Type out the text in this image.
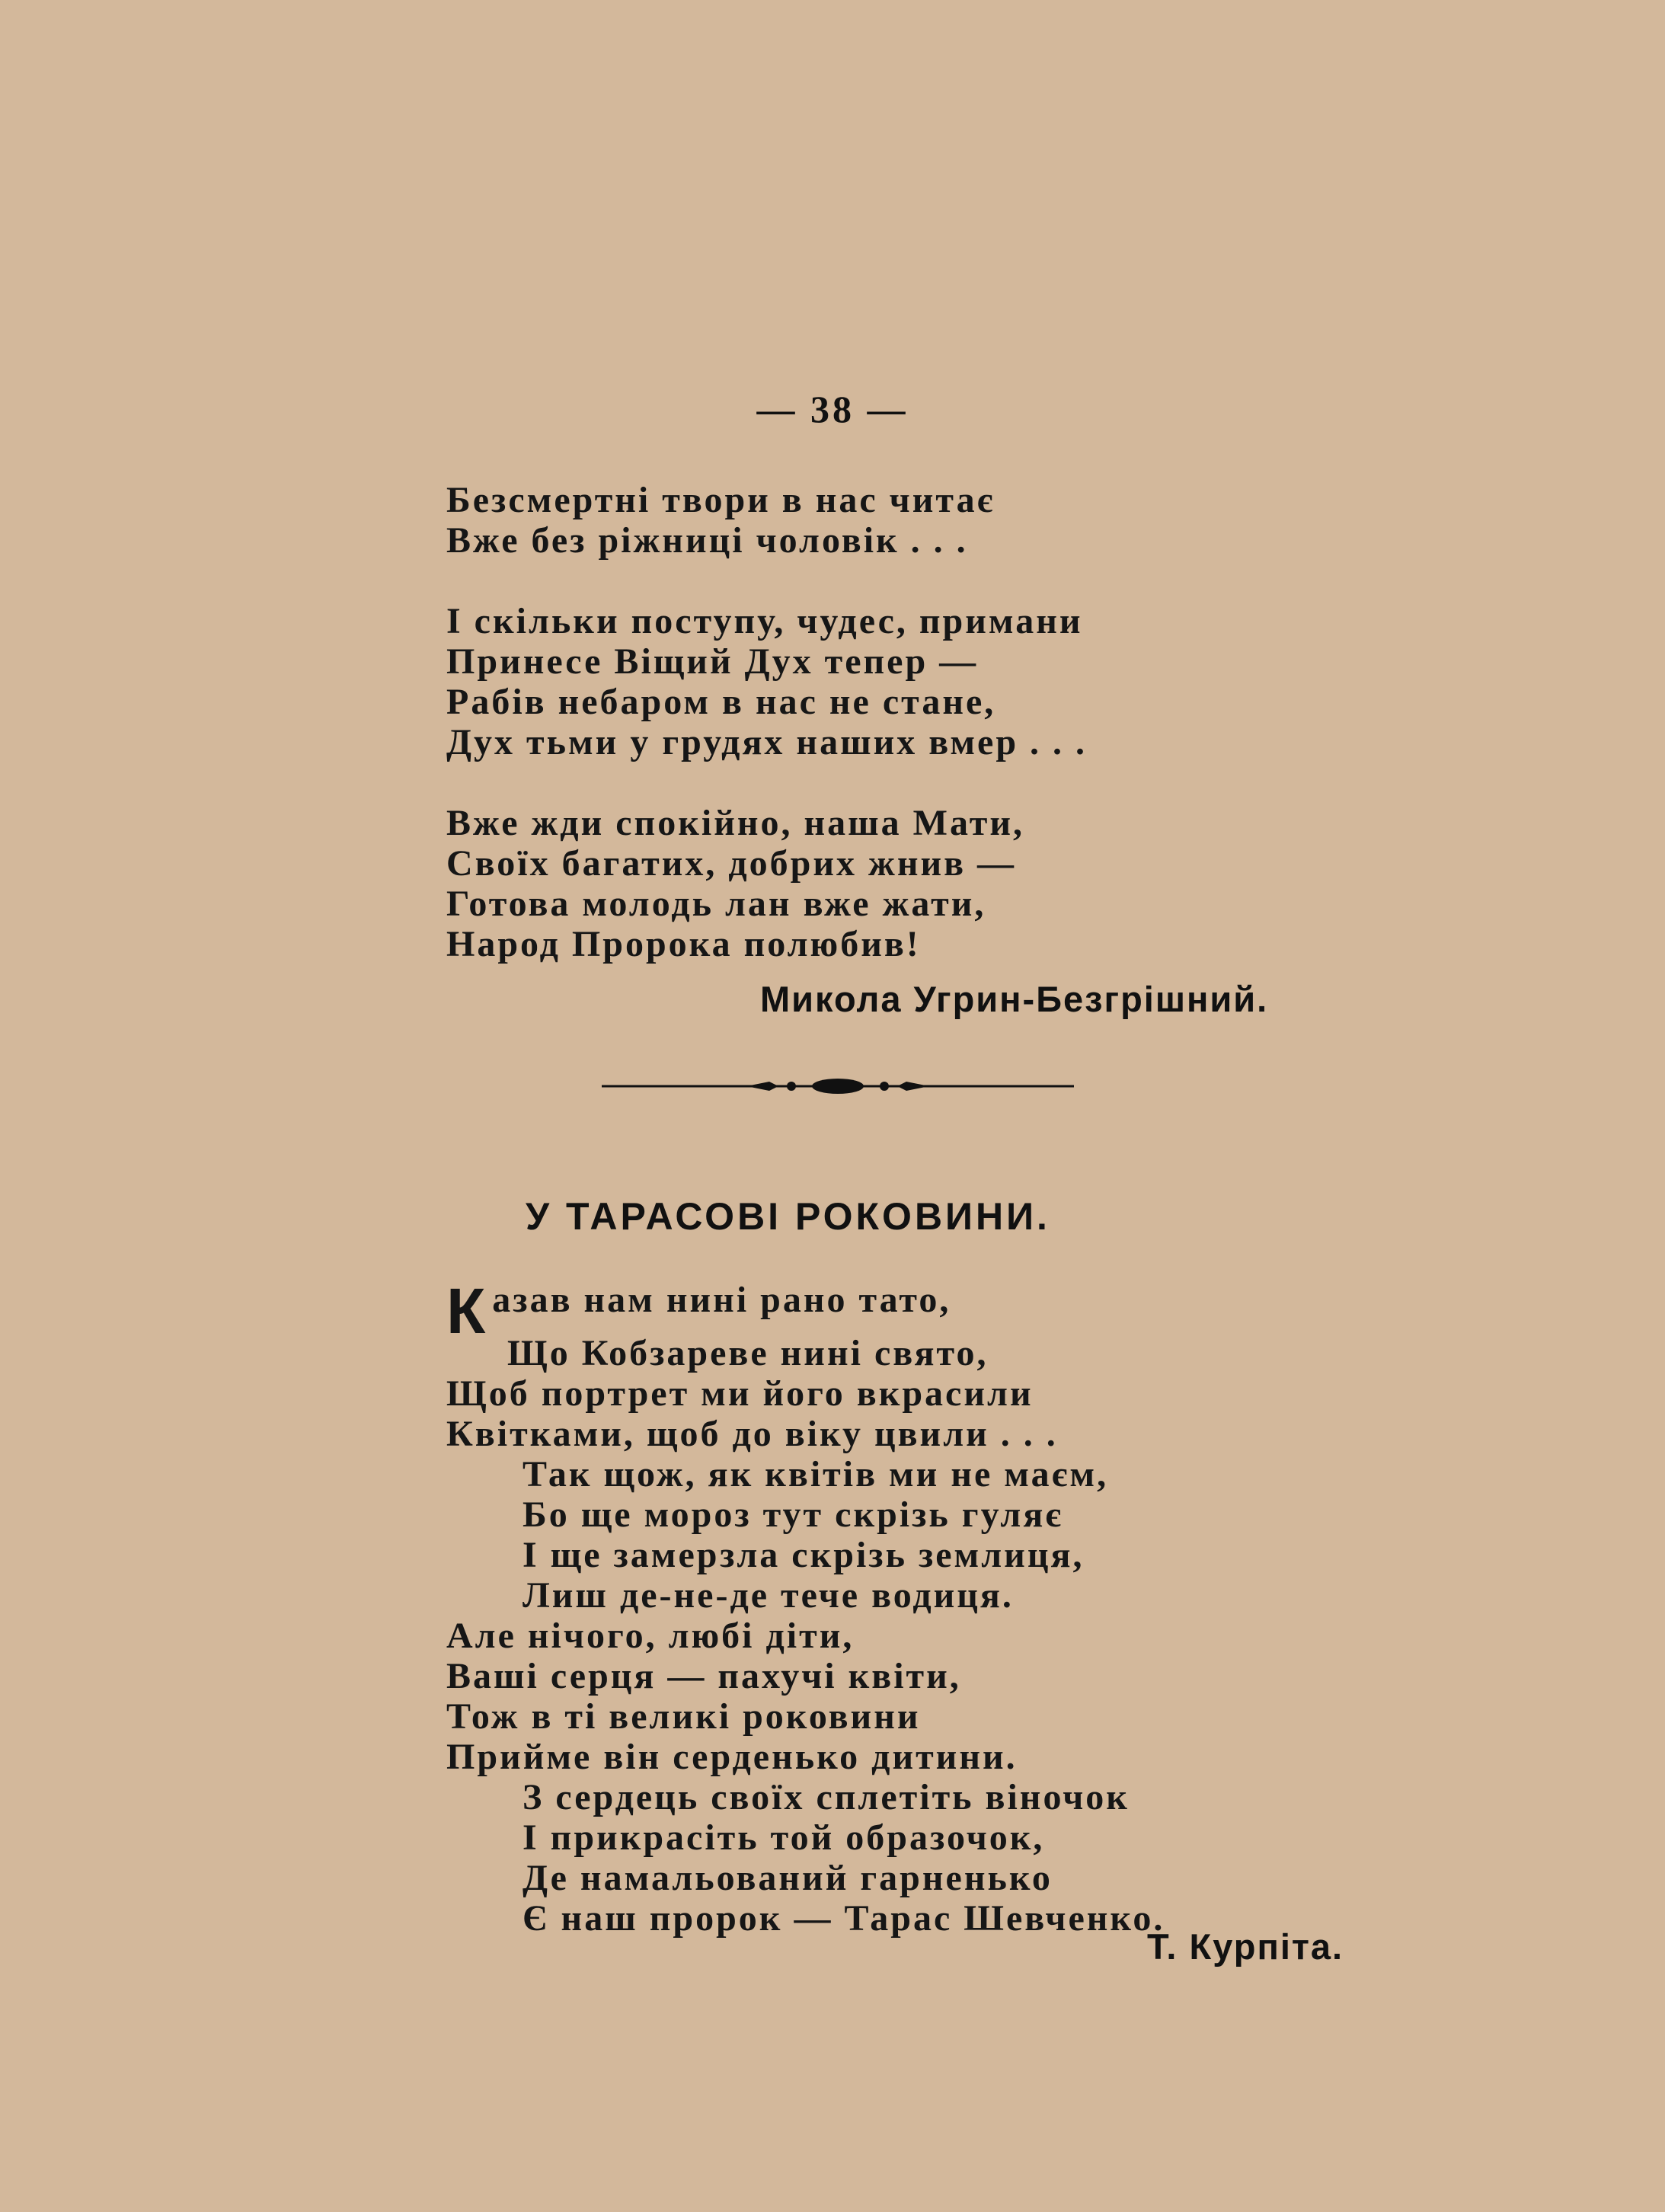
— 38 —
Безсмертні твори в нас читає
Вже без ріжниці чоловік . . .
І скільки поступу, чудес, примани
Принесе Віщий Дух тепер —
Рабів небаром в нас не стане,
Дух тьми у грудях наших вмер . . .
Вже жди спокійно, наша Мати,
Своїх багатих, добрих жнив —
Готова молодь лан вже жати,
Народ Пророка полюбив!
Микола Угрин-Безгрішний.
У ТАРАСОВІ РОКОВИНИ.
Казав нам нині рано тато,
Що Кобзареве нині свято,
Щоб портрет ми його вкрасили
Квітками, щоб до віку цвили . . .
Так щож, як квітів ми не маєм,
Бо ще мороз тут скрізь гуляє
І ще замерзла скрізь землиця,
Лиш де-не-де тече водиця.
Але нічого, любі діти,
Ваші серця — пахучі квіти,
Тож в ті великі роковини
Прийме він серденько дитини.
З сердець своїх сплетіть віночок
І прикрасіть той образочок,
Де намальований гарненько
Є наш пророк — Тарас Шевченко.
Т. Курпіта.
